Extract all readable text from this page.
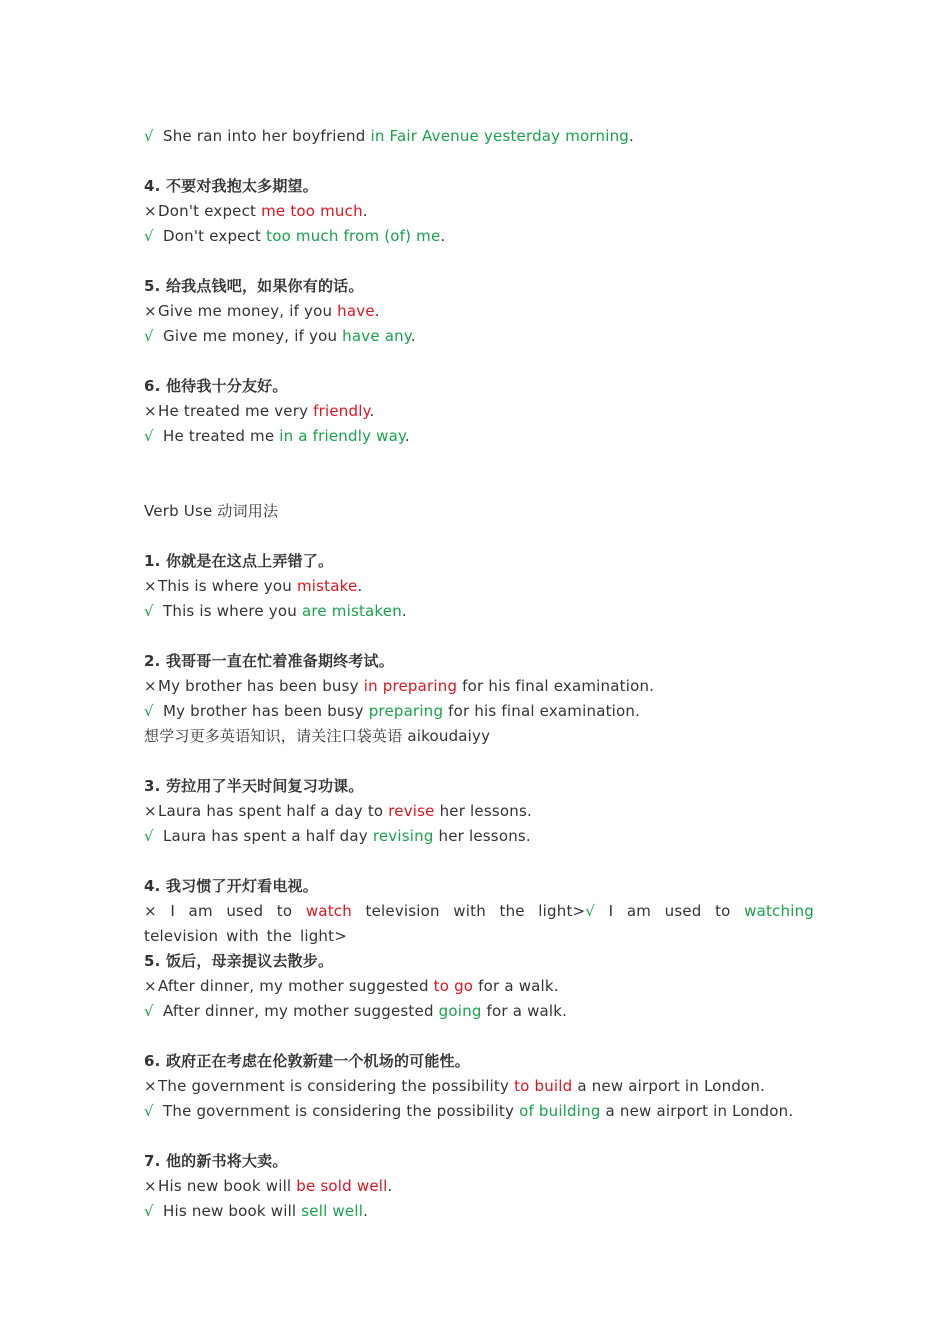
√ She ran into her boyfriend in Fair Avenue yesterday morning.
4. 不要对我抱太多期望。
×Don't expect me too much.
√ Don't expect too much from (of) me.
5. 给我点钱吧，如果你有的话。
×Give me money, if you have.
√ Give me money, if you have any.
6. 他待我十分友好。
×He treated me very friendly.
√ He treated me in a friendly way.
Verb Use 动词用法
1. 你就是在这点上弄错了。
×This is where you mistake.
√ This is where you are mistaken.
2. 我哥哥一直在忙着准备期终考试。
×My brother has been busy in preparing for his final examination.
√ My brother has been busy preparing for his final examination.
想学习更多英语知识，请关注口袋英语 aikoudaiyy
3. 劳拉用了半天时间复习功课。
×Laura has spent half a day to revise her lessons.
√ Laura has spent a half day revising her lessons.
4. 我习惯了开灯看电视。
× I am used to watch television with the light>√ I am used to watching television with the light>
5. 饭后，母亲提议去散步。
×After dinner, my mother suggested to go for a walk.
√ After dinner, my mother suggested going for a walk.
6. 政府正在考虑在伦敦新建一个机场的可能性。
×The government is considering the possibility to build a new airport in London.
√ The government is considering the possibility of building a new airport in London.
7. 他的新书将大卖。
×His new book will be sold well.
√ His new book will sell well.
